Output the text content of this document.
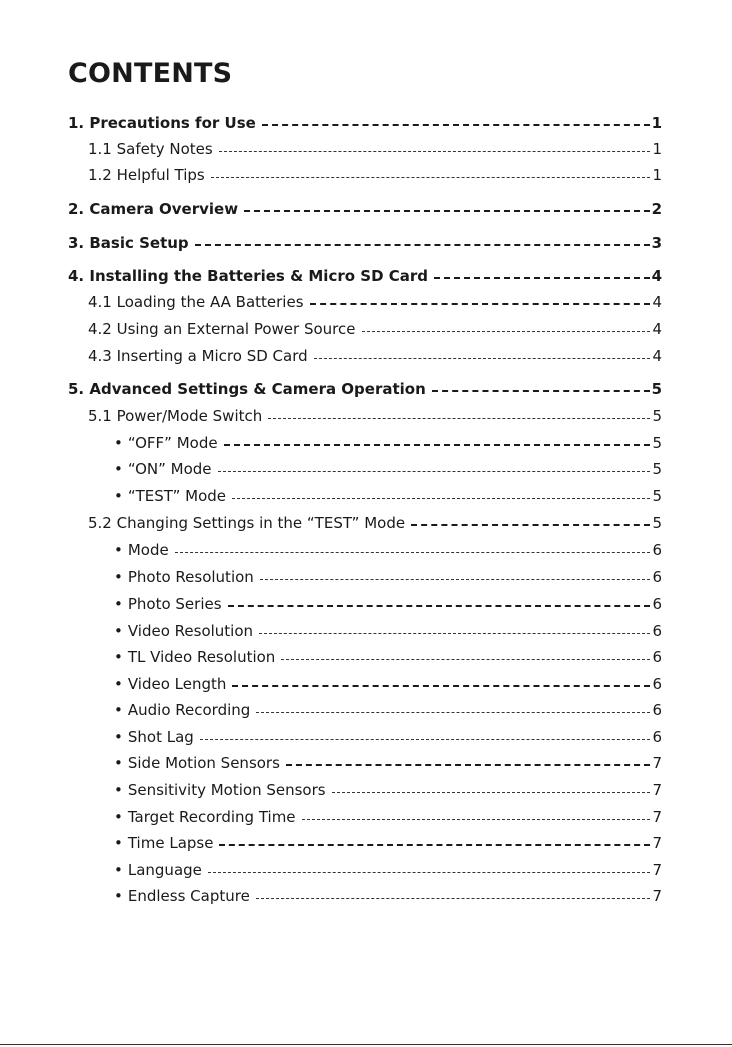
CONTENTS
1. Precautions for Use	1
1.1 Safety Notes	1
1.2 Helpful Tips	1
2. Camera Overview	2
3. Basic Setup	3
4. Installing the Batteries & Micro SD Card	4
4.1 Loading the AA Batteries	4
4.2 Using an External Power Source	4
4.3 Inserting a Micro SD Card	4
5. Advanced Settings & Camera Operation	5
5.1 Power/Mode Switch	5
• “OFF” Mode	5
• “ON” Mode	5
• “TEST” Mode	5
5.2 Changing Settings in the “TEST” Mode	5
• Mode	6
• Photo Resolution	6
• Photo Series	6
• Video Resolution	6
• TL Video Resolution	6
• Video Length	6
• Audio Recording	6
• Shot Lag	6
• Side Motion Sensors	7
• Sensitivity Motion Sensors	7
• Target Recording Time	7
• Time Lapse	7
• Language	7
• Endless Capture	7
